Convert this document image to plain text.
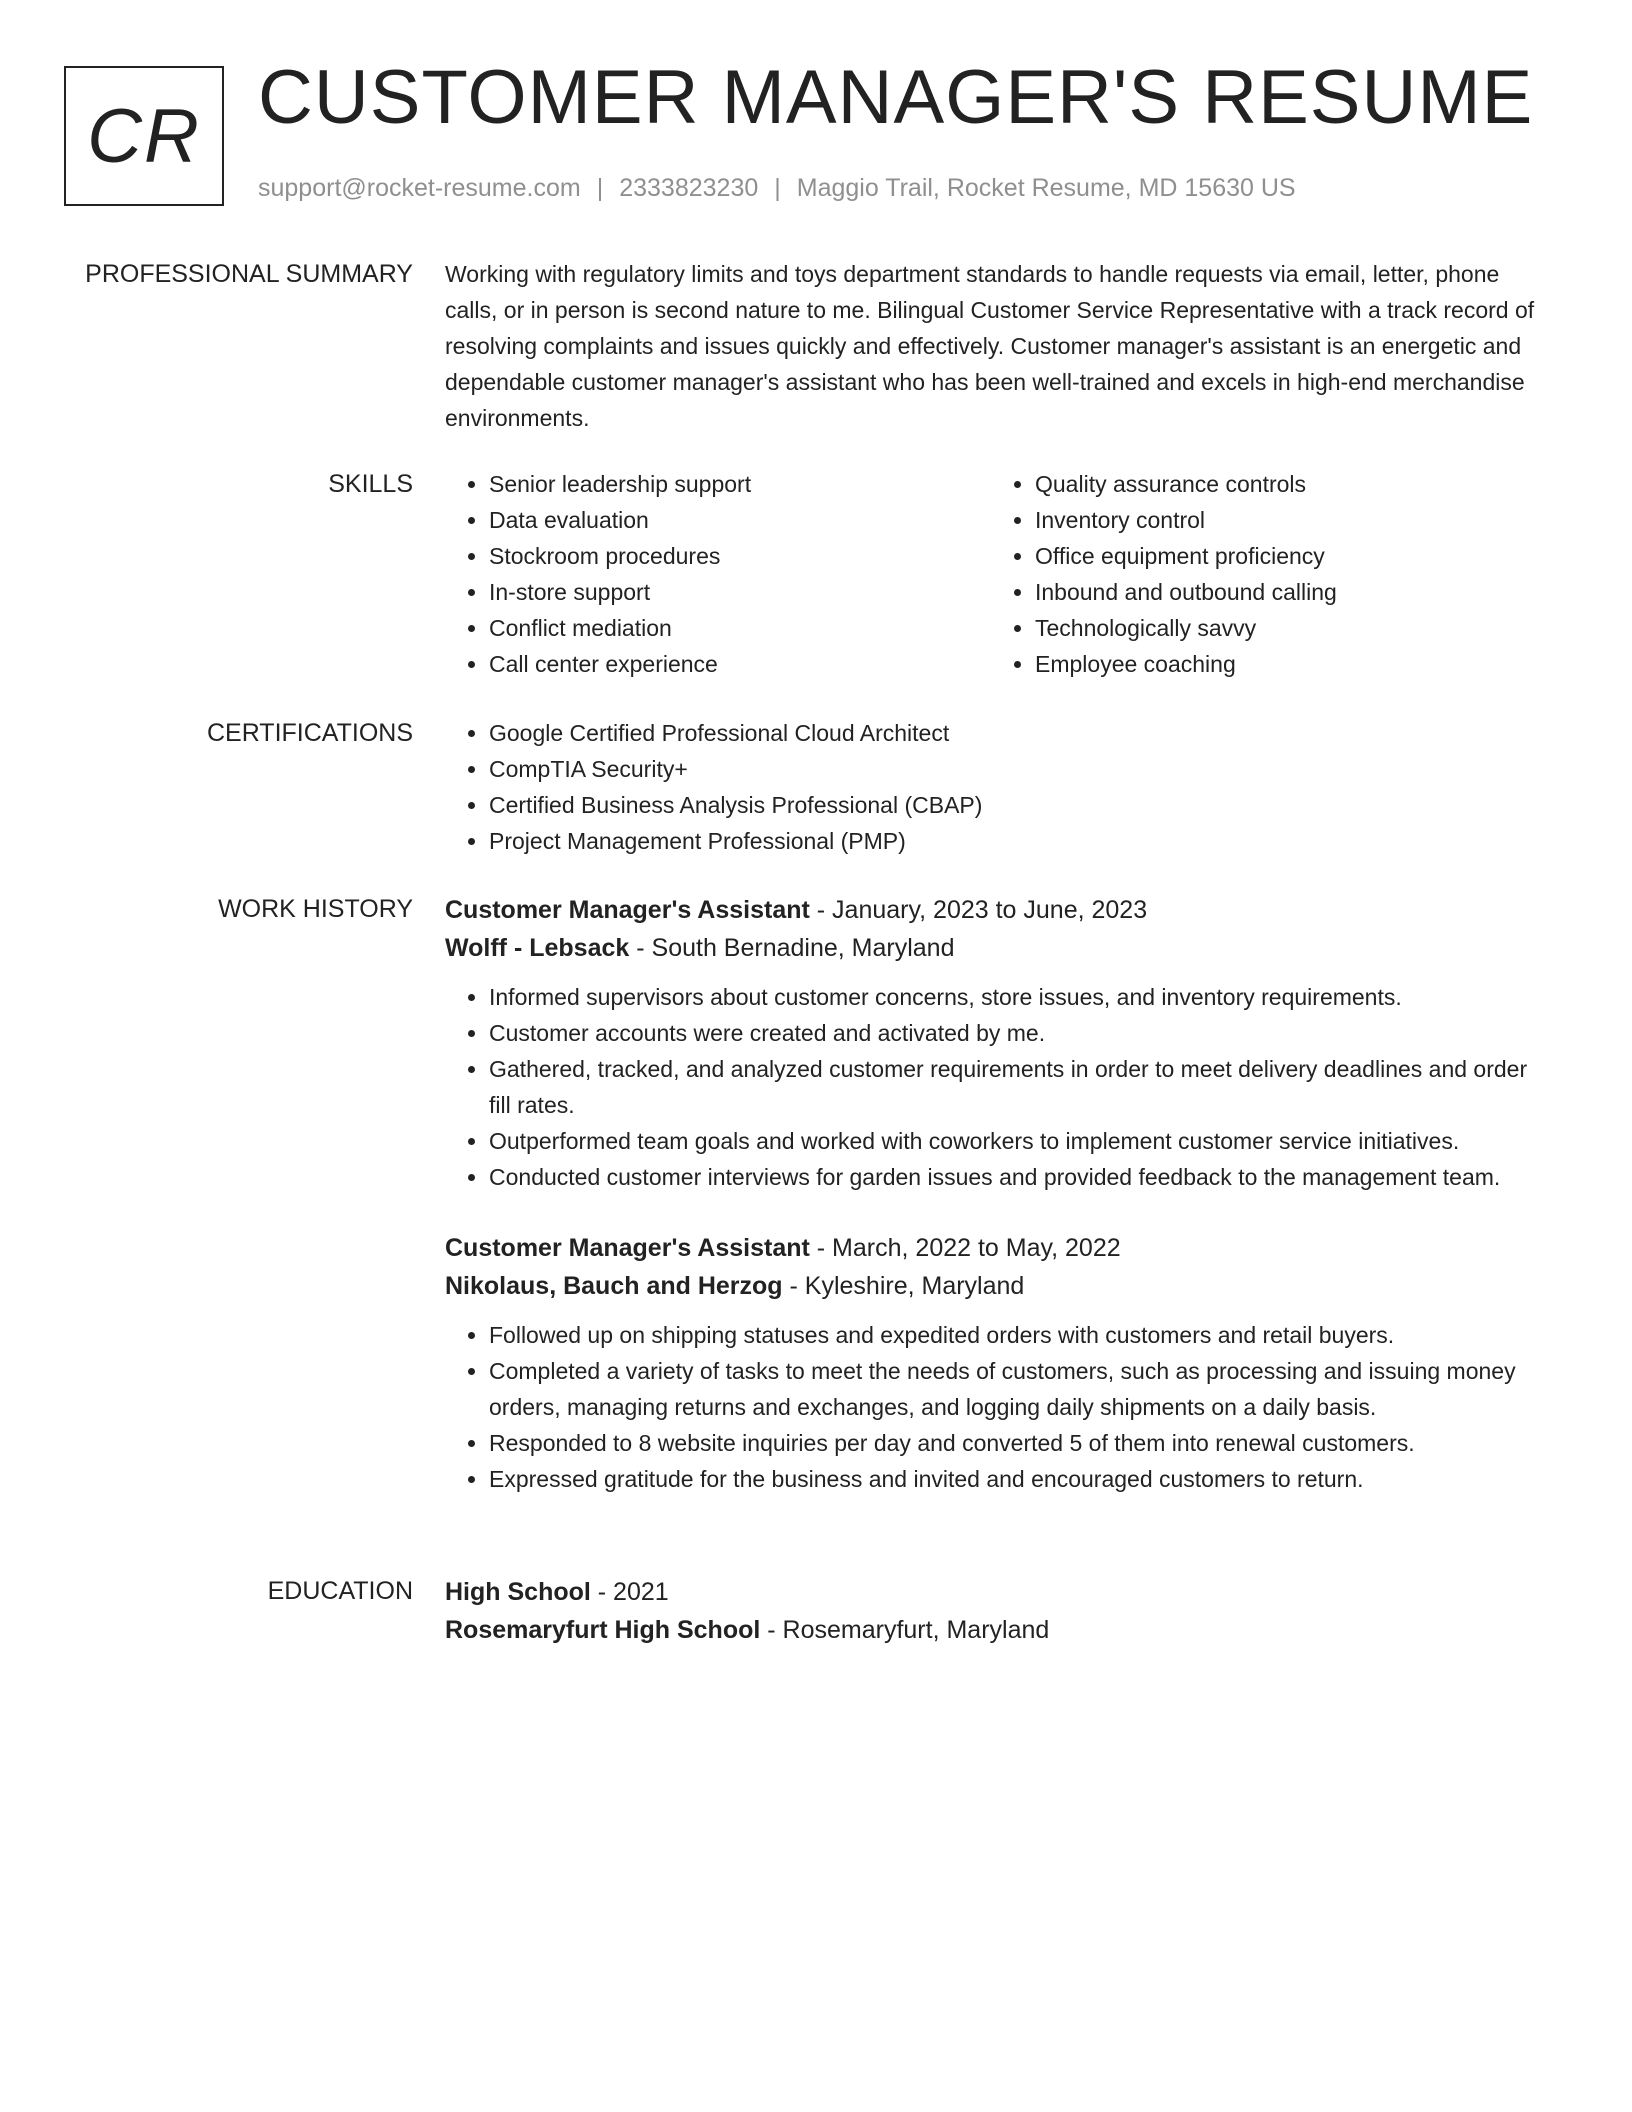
CR CUSTOMER MANAGER'S RESUME
support@rocket-resume.com | 2333823230 | Maggio Trail, Rocket Resume, MD 15630 US
PROFESSIONAL SUMMARY Working with regulatory limits and toys department standards to handle requests via email, letter, phone calls, or in person is second nature to me. Bilingual Customer Service Representative with a track record of resolving complaints and issues quickly and effectively. Customer manager's assistant is an energetic and dependable customer manager's assistant who has been well-trained and excels in high-end merchandise environments.

SKILLS	• Senior leadership support
• Data evaluation
• Stockroom procedures
• In-store support
• Conflict mediation
• Call center experience
• Quality assurance controls
• Inventory control
• Office equipment proficiency
• Inbound and outbound calling
• Technologically savvy
• Employee coaching
CERTIFICATIONS	• Google Certified Professional Cloud Architect
• CompTIA Security+
• Certified Business Analysis Professional (CBAP)
• Project Management Professional (PMP)
WORK HISTORY Customer Manager's Assistant - January, 2023 to June, 2023
Wolff - Lebsack - South Bernadine, Maryland
• Informed supervisors about customer concerns, store issues, and inventory requirements.
• Customer accounts were created and activated by me.
• Gathered, tracked, and analyzed customer requirements in order to meet delivery deadlines and order fill rates.
• Outperformed team goals and worked with coworkers to implement customer service initiatives.
• Conducted customer interviews for garden issues and provided feedback to the management team.
Customer Manager's Assistant - March, 2022 to May, 2022
Nikolaus, Bauch and Herzog - Kyleshire, Maryland
• Followed up on shipping statuses and expedited orders with customers and retail buyers.
• Completed a variety of tasks to meet the needs of customers, such as processing and issuing money orders, managing returns and exchanges, and logging daily shipments on a daily basis.
• Responded to 8 website inquiries per day and converted 5 of them into renewal customers.
• Expressed gratitude for the business and invited and encouraged customers to return.
EDUCATION High School - 2021
Rosemaryfurt High School - Rosemaryfurt, Maryland
